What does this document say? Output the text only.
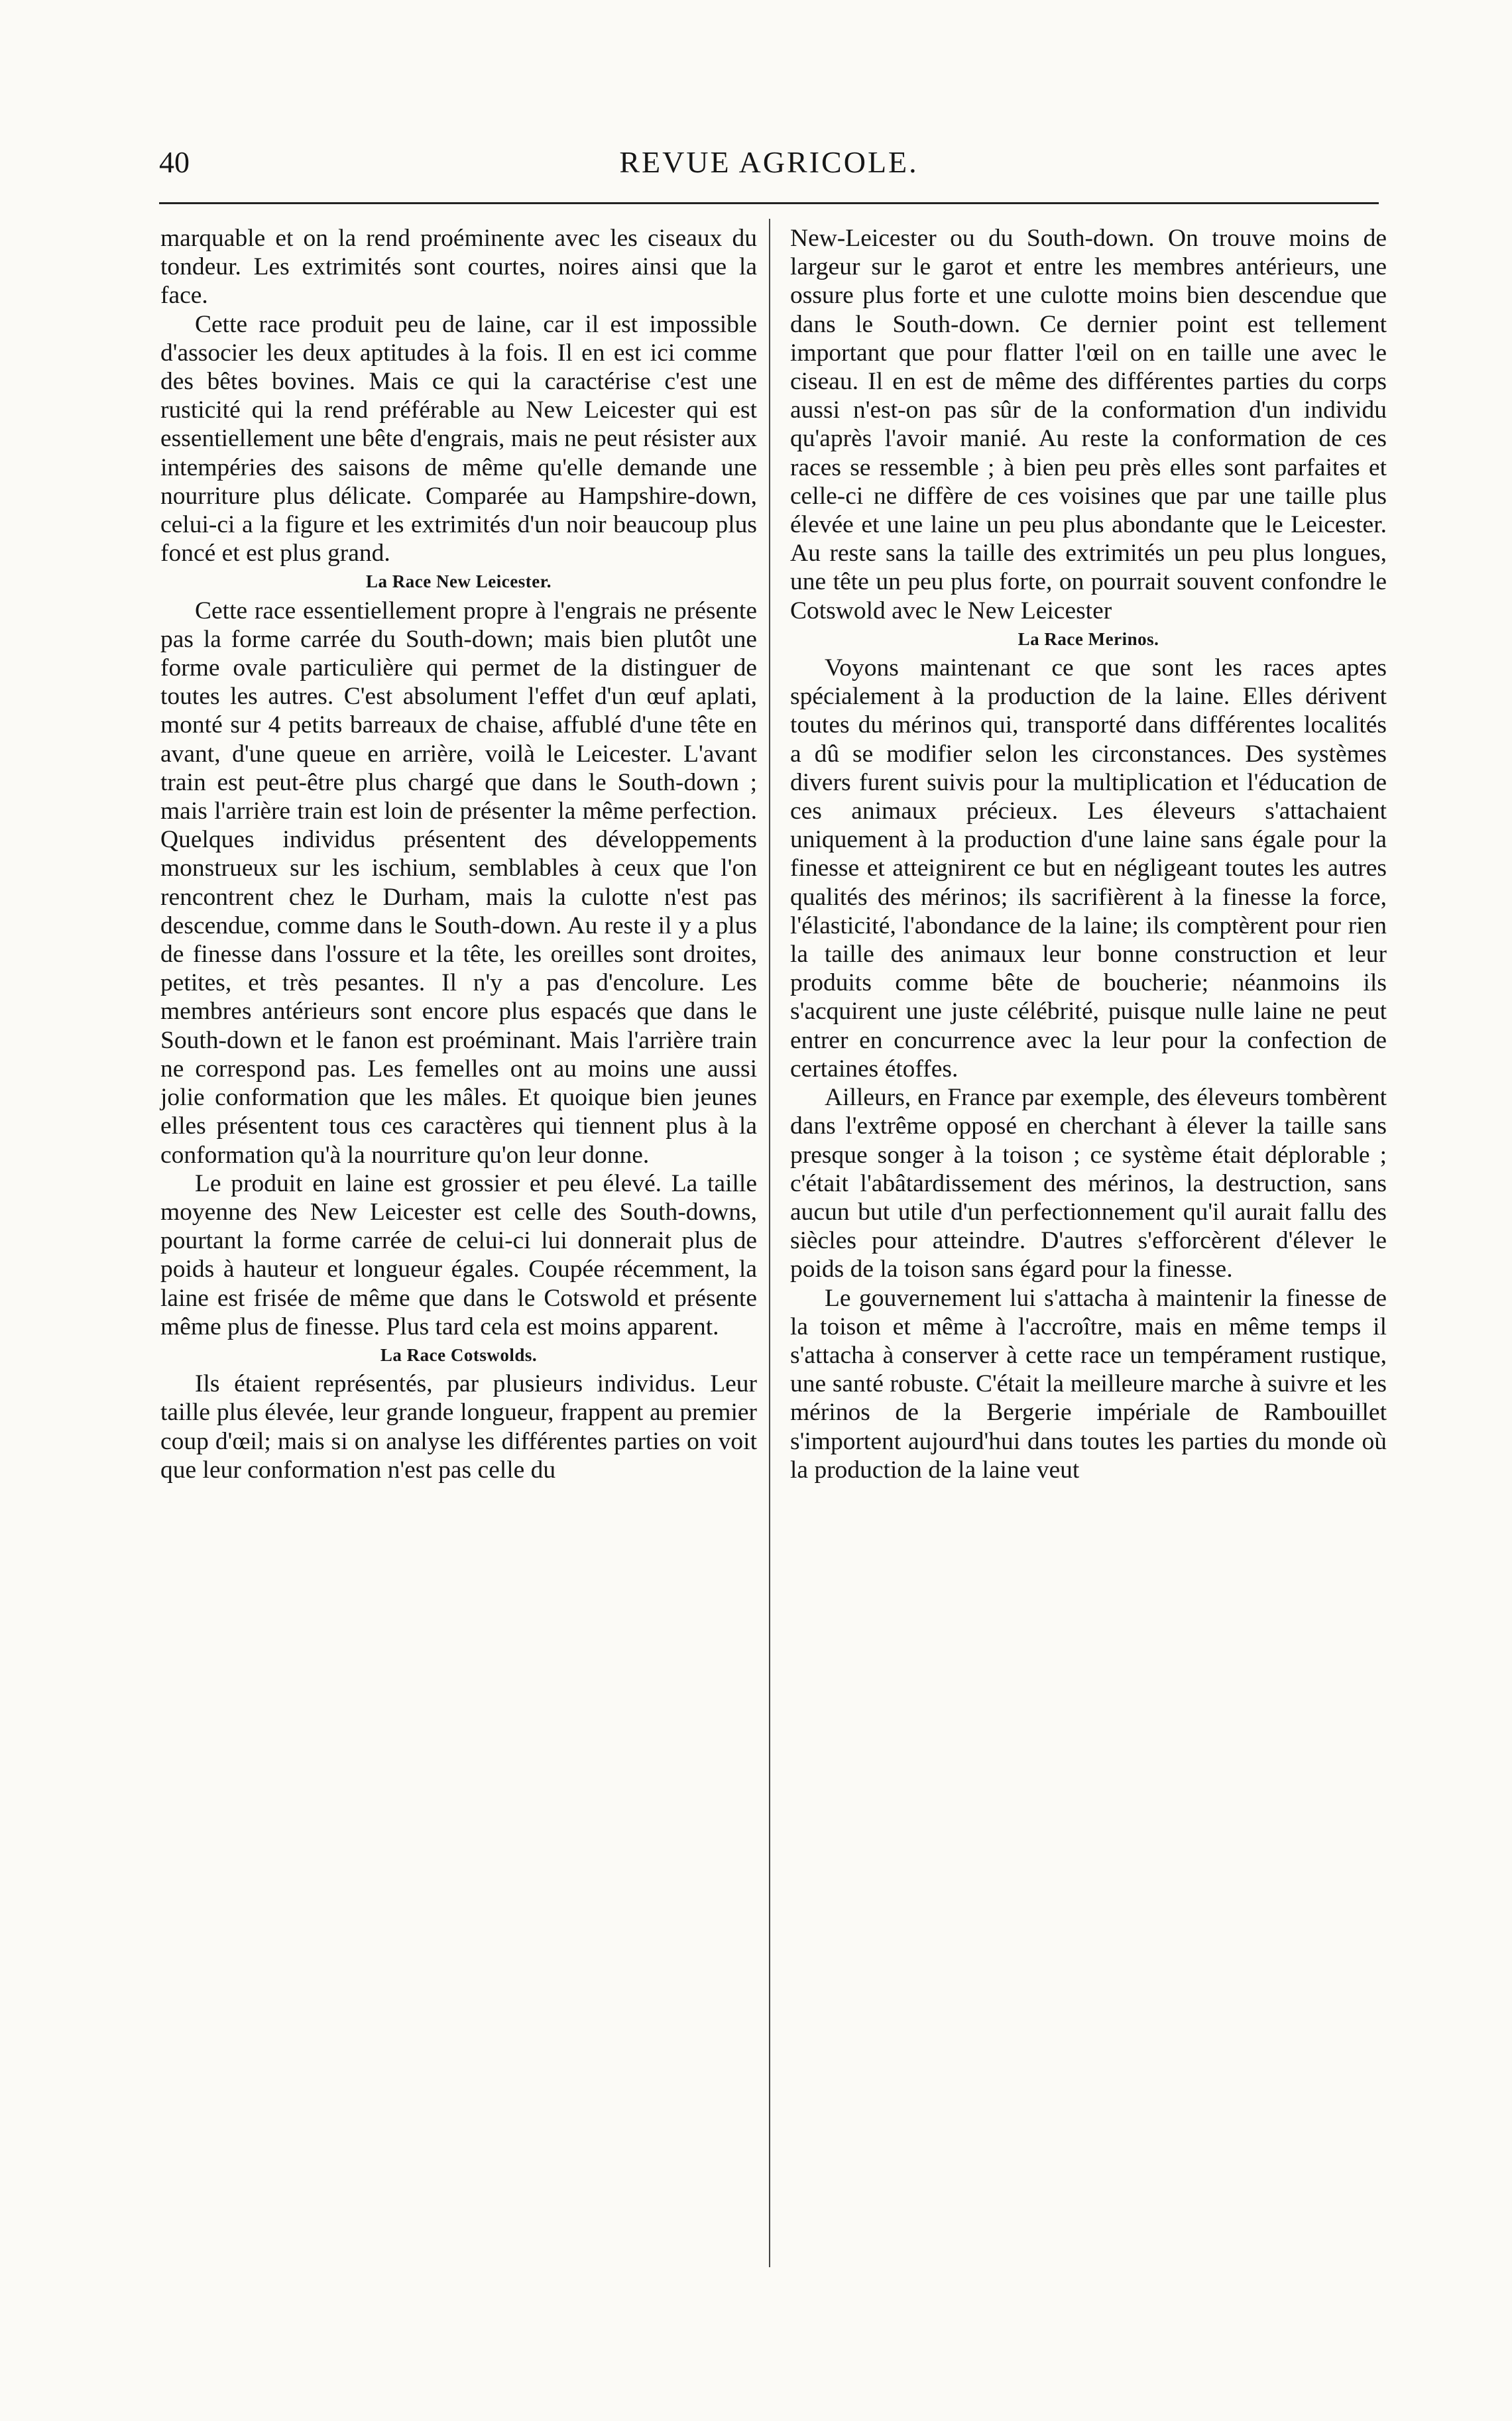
40	REVUE AGRICOLE.

marquable et on la rend proéminente avec les ciseaux du tondeur. Les extrimités sont courtes, noires ainsi que la face.

Cette race produit peu de laine, car il est impossible d'associer les deux aptitudes à la fois. Il en est ici comme des bêtes bovines. Mais ce qui la caractérise c'est une rusticité qui la rend préférable au New Leicester qui est essentiellement une bête d'engrais, mais ne peut résister aux intempéries des saisons de même qu'elle demande une nourriture plus délicate. Comparée au Hampshire-down, celui-ci a la figure et les extrimités d'un noir beaucoup plus foncé et est plus grand.

La Race New Leicester.

Cette race essentiellement propre à l'engrais ne présente pas la forme carrée du South-down; mais bien plutôt une forme ovale particulière qui permet de la distinguer de toutes les autres. C'est absolument l'effet d'un œuf aplati, monté sur 4 petits barreaux de chaise, affublé d'une tête en avant, d'une queue en arrière, voilà le Leicester. L'avant train est peut-être plus chargé que dans le South-down ; mais l'arrière train est loin de présenter la même perfection. Quelques individus présentent des développements monstrueux sur les ischium, semblables à ceux que l'on rencontrent chez le Durham, mais la culotte n'est pas descendue, comme dans le South-down. Au reste il y a plus de finesse dans l'ossure et la tête, les oreilles sont droites, petites, et très pesantes. Il n'y a pas d'encolure. Les membres antérieurs sont encore plus espacés que dans le South-down et le fanon est proéminant. Mais l'arrière train ne correspond pas. Les femelles ont au moins une aussi jolie conformation que les mâles. Et quoique bien jeunes elles présentent tous ces caractères qui tiennent plus à la conformation qu'à la nourriture qu'on leur donne.

Le produit en laine est grossier et peu élevé. La taille moyenne des New Leicester est celle des South-downs, pourtant la forme carrée de celui-ci lui donnerait plus de poids à hauteur et longueur égales. Coupée récemment, la laine est frisée de même que dans le Cotswold et présente même plus de finesse. Plus tard cela est moins apparent.

La Race Cotswolds.

Ils étaient représentés, par plusieurs individus. Leur taille plus élevée, leur grande longueur, frappent au premier coup d'œil; mais si on analyse les différentes parties on voit que leur conformation n'est pas celle du

New-Leicester ou du South-down. On trouve moins de largeur sur le garot et entre les membres antérieurs, une ossure plus forte et une culotte moins bien descendue que dans le South-down. Ce dernier point est tellement important que pour flatter l'œil on en taille une avec le ciseau. Il en est de même des différentes parties du corps aussi n'est-on pas sûr de la conformation d'un individu qu'après l'avoir manié. Au reste la conformation de ces races se ressemble ; à bien peu près elles sont parfaites et celle-ci ne diffère de ces voisines que par une taille plus élevée et une laine un peu plus abondante que le Leicester. Au reste sans la taille des extrimités un peu plus longues, une tête un peu plus forte, on pourrait souvent confondre le Cotswold avec le New Leicester

La Race Merinos.

Voyons maintenant ce que sont les races aptes spécialement à la production de la laine. Elles dérivent toutes du mérinos qui, transporté dans différentes localités a dû se modifier selon les circonstances. Des systèmes divers furent suivis pour la multiplication et l'éducation de ces animaux précieux. Les éleveurs s'attachaient uniquement à la production d'une laine sans égale pour la finesse et atteignirent ce but en négligeant toutes les autres qualités des mérinos; ils sacrifièrent à la finesse la force, l'élasticité, l'abondance de la laine; ils comptèrent pour rien la taille des animaux leur bonne construction et leur produits comme bête de boucherie; néanmoins ils s'acquirent une juste célébrité, puisque nulle laine ne peut entrer en concurrence avec la leur pour la confection de certaines étoffes.

Ailleurs, en France par exemple, des éleveurs tombèrent dans l'extrême opposé en cherchant à élever la taille sans presque songer à la toison ; ce système était déplorable ; c'était l'abâtardissement des mérinos, la destruction, sans aucun but utile d'un perfectionnement qu'il aurait fallu des siècles pour atteindre. D'autres s'efforcèrent d'élever le poids de la toison sans égard pour la finesse.

Le gouvernement lui s'attacha à maintenir la finesse de la toison et même à l'accroître, mais en même temps il s'attacha à conserver à cette race un tempérament rustique, une santé robuste. C'était la meilleure marche à suivre et les mérinos de la Bergerie impériale de Rambouillet s'importent aujourd'hui dans toutes les parties du monde où la production de la laine veut
